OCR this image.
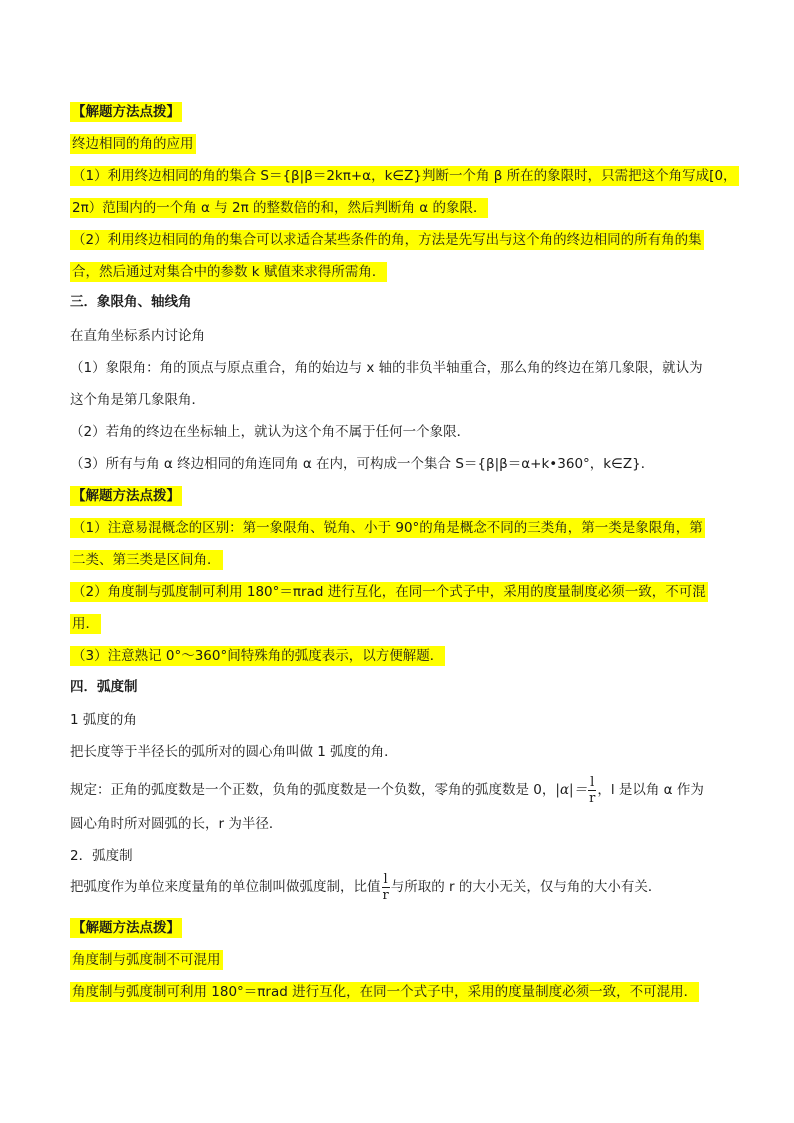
【解题方法点拨】
终边相同的角的应用
（1）利用终边相同的角的集合 S＝{β|β＝2kπ+α，k∈Z}判断一个角 β 所在的象限时，只需把这个角写成[0，
2π）范围内的一个角 α 与 2π 的整数倍的和，然后判断角 α 的象限．
（2）利用终边相同的角的集合可以求适合某些条件的角，方法是先写出与这个角的终边相同的所有角的集
合，然后通过对集合中的参数 k 赋值来求得所需角．
三．象限角、轴线角
在直角坐标系内讨论角
（1）象限角：角的顶点与原点重合，角的始边与 x 轴的非负半轴重合，那么角的终边在第几象限，就认为
这个角是第几象限角．
（2）若角的终边在坐标轴上，就认为这个角不属于任何一个象限．
（3）所有与角 α 终边相同的角连同角 α 在内，可构成一个集合 S＝{β|β＝α+k•360°，k∈Z}．
【解题方法点拨】
（1）注意易混概念的区别：第一象限角、锐角、小于 90°的角是概念不同的三类角，第一类是象限角，第
二类、第三类是区间角．
（2）角度制与弧度制可利用 180°＝πrad 进行互化，在同一个式子中，采用的度量制度必须一致，不可混
用．
（3）注意熟记 0°～360°间特殊角的弧度表示，以方便解题．
四．弧度制
1 弧度的角
把长度等于半径长的弧所对的圆心角叫做 1 弧度的角．
规定：正角的弧度数是一个正数，负角的弧度数是一个负数，零角的弧度数是 0，$|\alpha|= \frac{l}{r}$ ，l 是以角 α 作为
圆心角时所对圆弧的长，r 为半径．
2．弧度制
把弧度作为单位来度量角的单位制叫做弧度制，比值 $\frac{l}{r}$ 与所取的 r 的大小无关，仅与角的大小有关．
【解题方法点拨】
角度制与弧度制不可混用
角度制与弧度制可利用 180°＝πrad 进行互化，在同一个式子中，采用的度量制度必须一致，不可混用．
